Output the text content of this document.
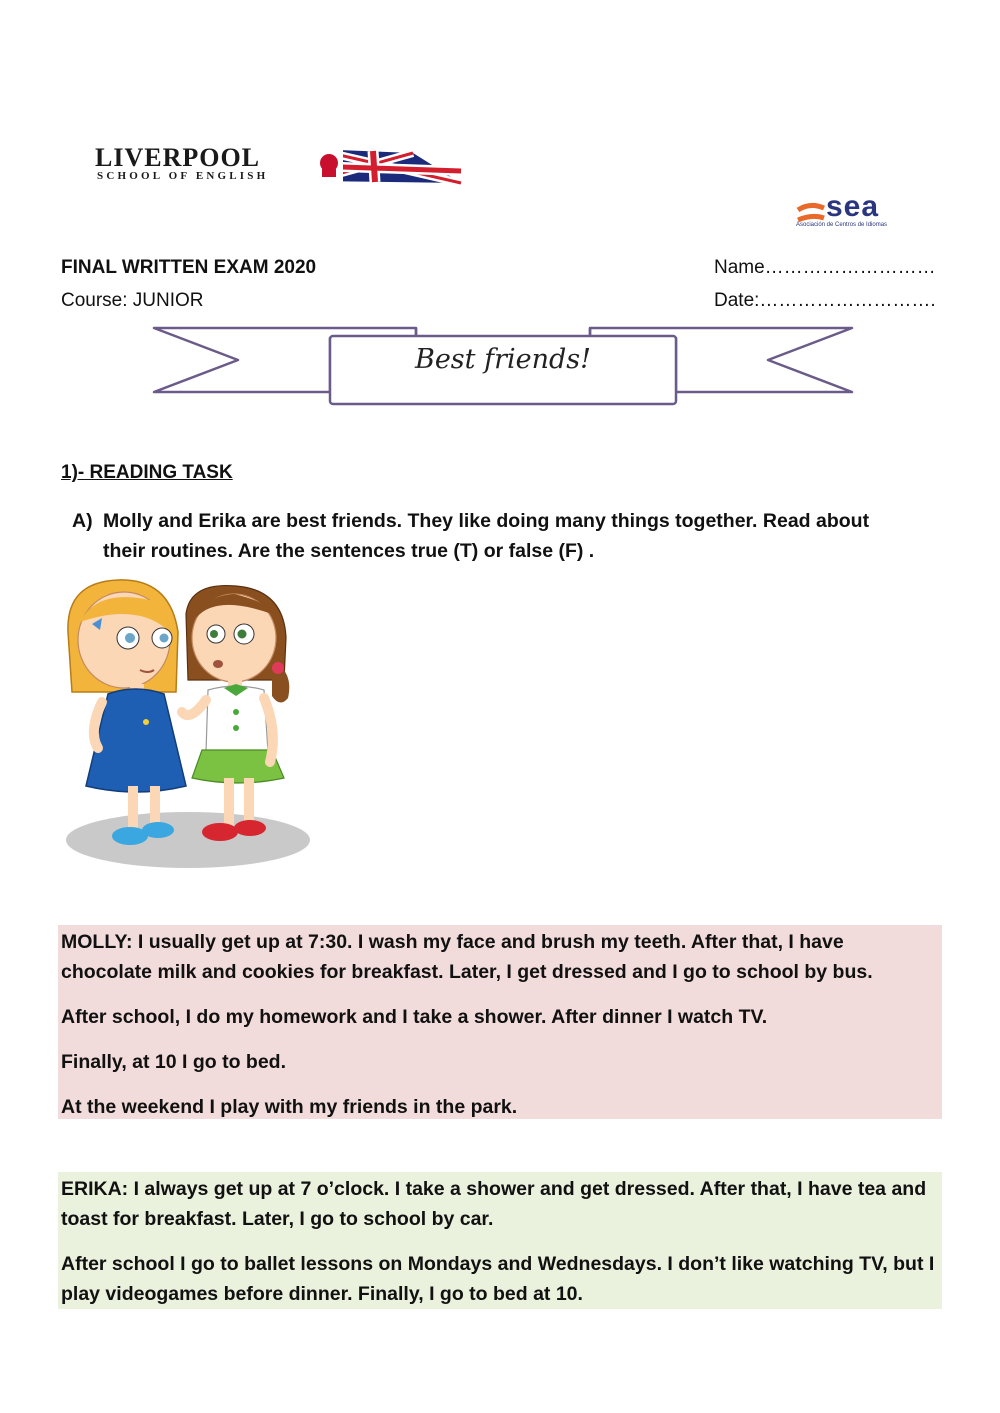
LIVERPOOL
SCHOOL OF ENGLISH
sea
Asociación de Centros de Idiomas
FINAL WRITTEN EXAM 2020
Course: JUNIOR
Name………………………
Date:……………………….
Best friends!
1)- READING TASK
A) Molly and Erika are best friends. They like doing many things together. Read about
their routines. Are the sentences true (T) or false (F) .

MOLLY: I usually get up at 7:30. I wash my face and brush my teeth. After that, I have chocolate milk and cookies for breakfast. Later, I get dressed and I go to school by bus.

After school, I do my homework and I take a shower. After dinner I watch TV.

Finally, at 10 I go to bed.

At the weekend I play with my friends in the park.

ERIKA: I always get up at 7 o’clock. I take a shower and get dressed. After that, I have tea and toast for breakfast. Later, I go to school by car.

After school I go to ballet lessons on Mondays and Wednesdays. I don’t like watching TV, but I play videogames before dinner. Finally, I go to bed at 10.
